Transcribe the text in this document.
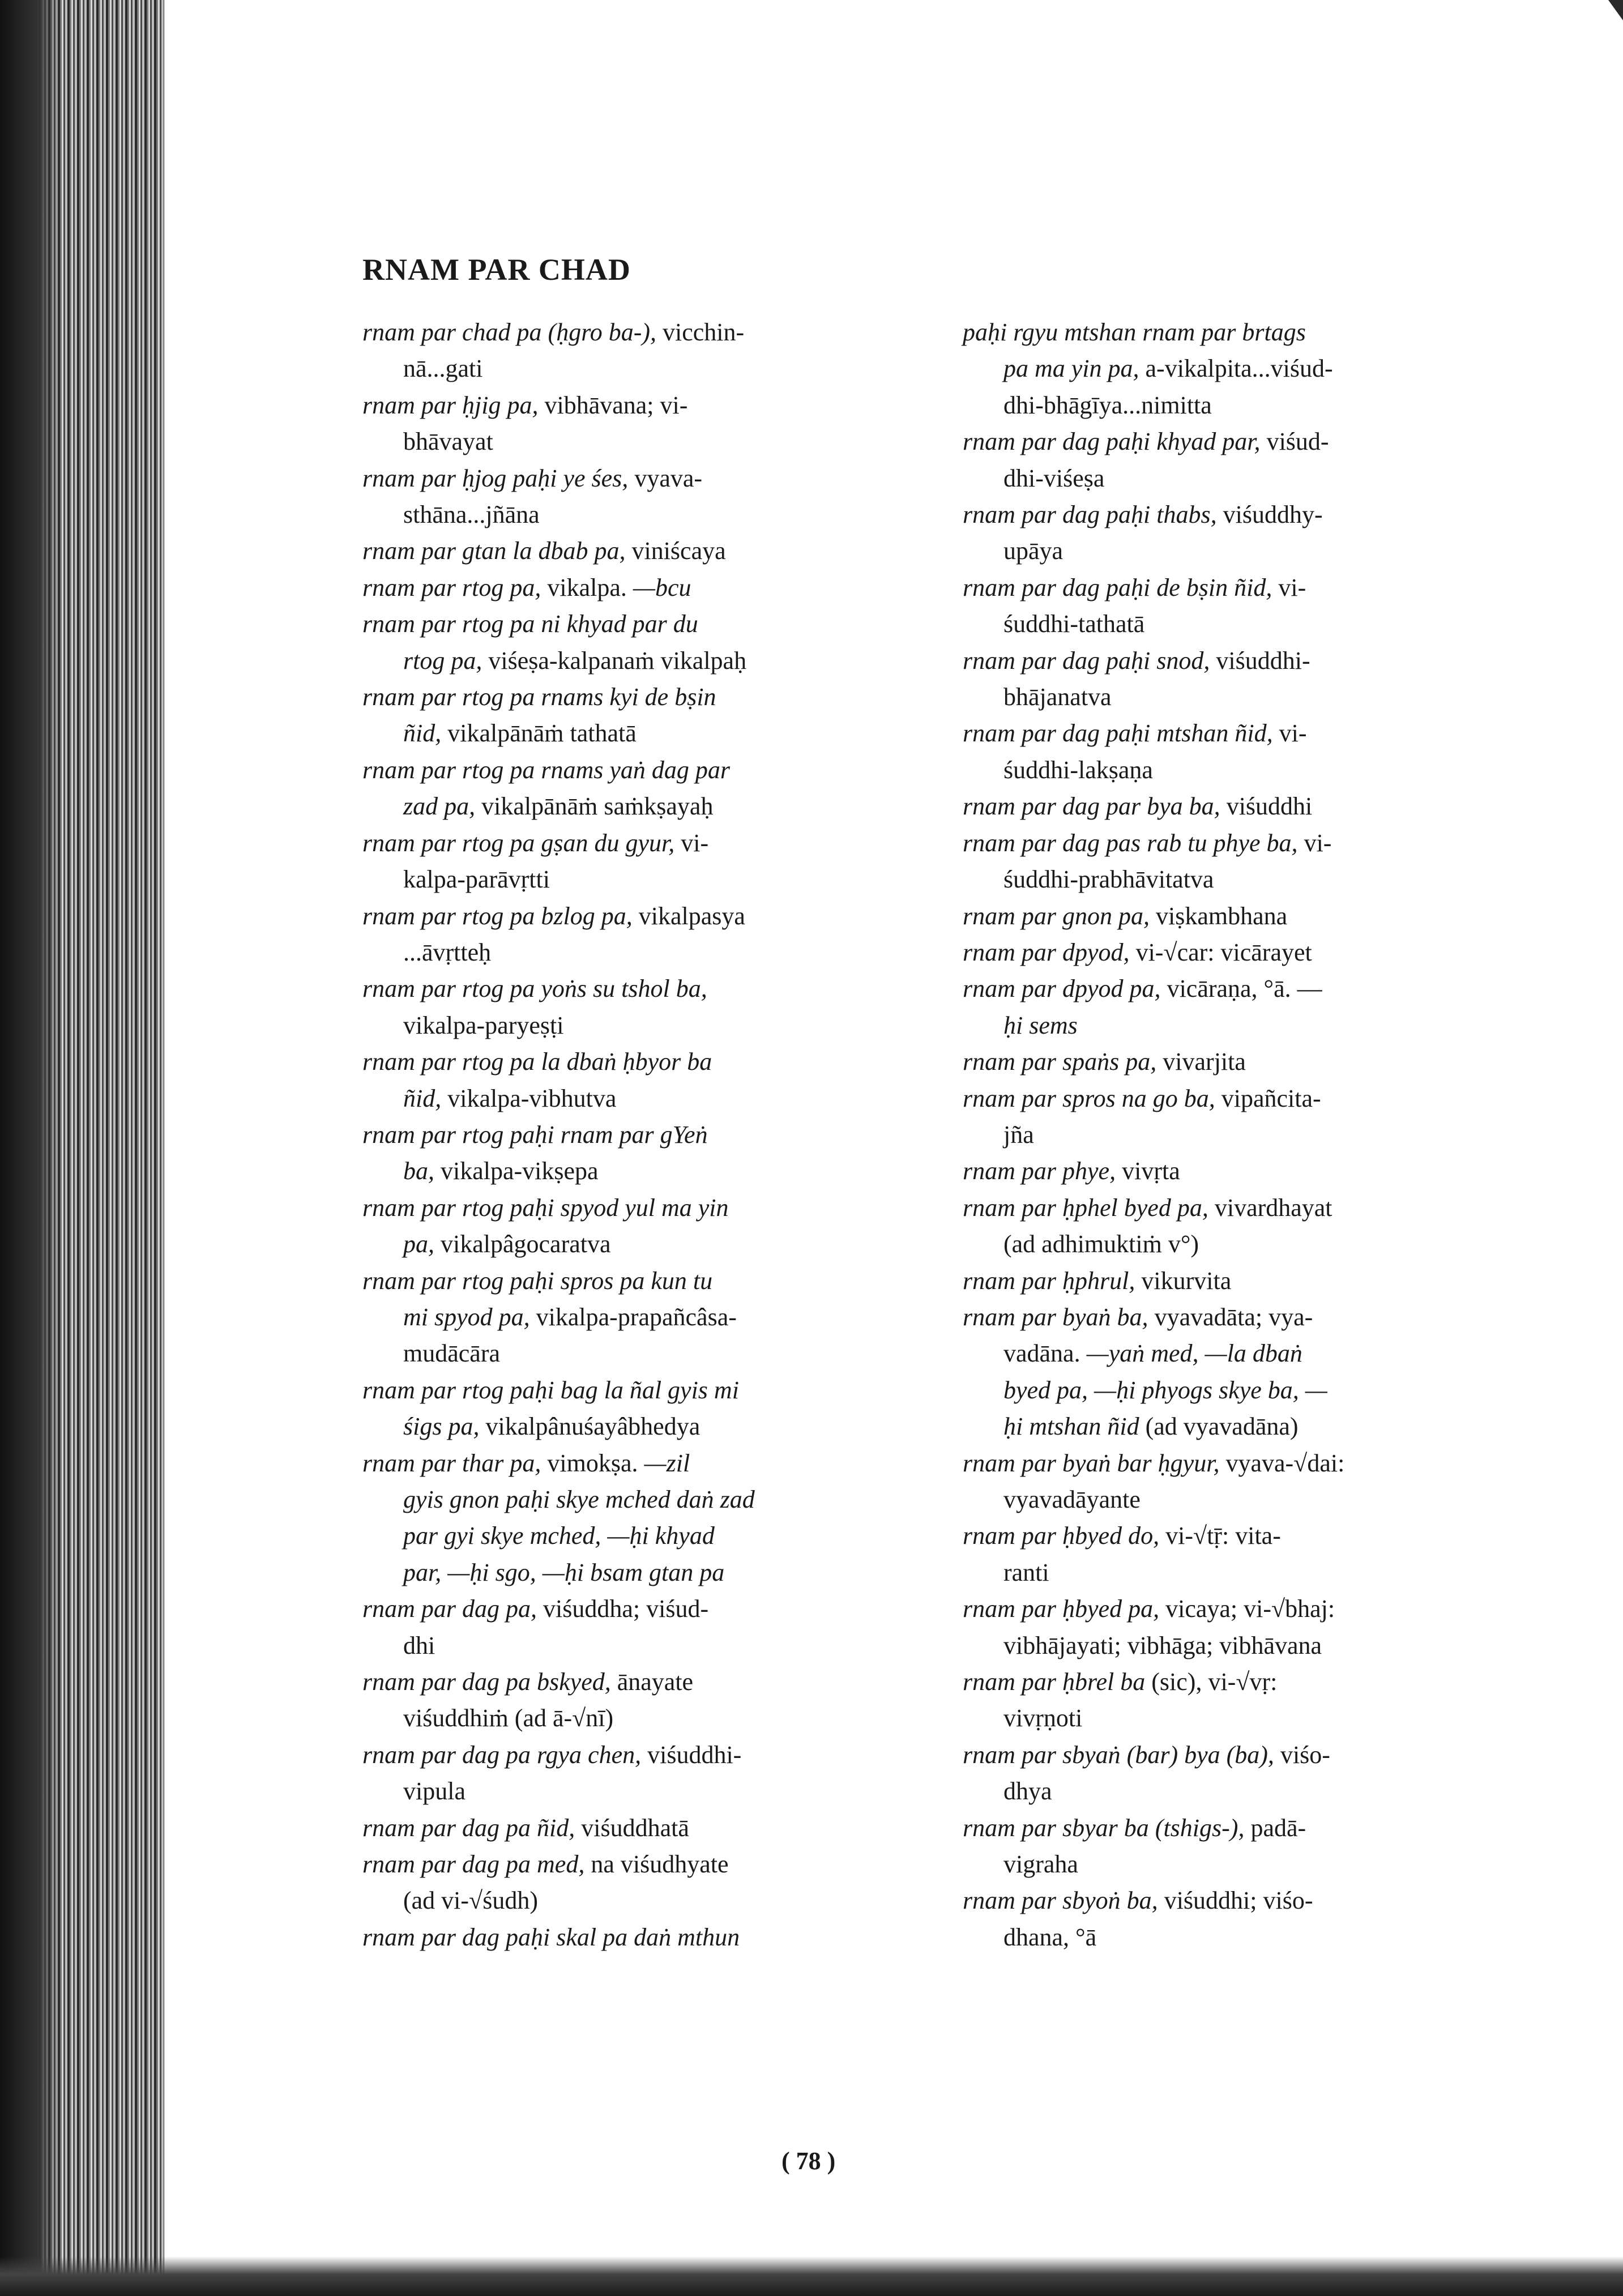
RNAM PAR CHAD
rnam par chad pa (ḥgro ba-), vicchin-
nā...gati
rnam par ḥjig pa, vibhāvana; vi-
bhāvayat
rnam par ḥjog paḥi ye śes, vyava-
sthāna...jñāna
rnam par gtan la dbab pa, viniścaya
rnam par rtog pa, vikalpa. —bcu
rnam par rtog pa ni khyad par du
rtog pa, viśeṣa-kalpanaṁ vikalpaḥ
rnam par rtog pa rnams kyi de bṣin
ñid, vikalpānāṁ tathatā
rnam par rtog pa rnams yaṅ dag par
zad pa, vikalpānāṁ saṁkṣayaḥ
rnam par rtog pa gṣan du gyur, vi-
kalpa-parāvṛtti
rnam par rtog pa bzlog pa, vikalpasya
...āvṛtteḥ
rnam par rtog pa yoṅs su tshol ba,
vikalpa-paryeṣṭi
rnam par rtog pa la dbaṅ ḥbyor ba
ñid, vikalpa-vibhutva
rnam par rtog paḥi rnam par gYeṅ
ba, vikalpa-vikṣepa
rnam par rtog paḥi spyod yul ma yin
pa, vikalpâgocaratva
rnam par rtog paḥi spros pa kun tu
mi spyod pa, vikalpa-prapañcâsa-
mudācāra
rnam par rtog paḥi bag la ñal gyis mi
śigs pa, vikalpânuśayâbhedya
rnam par thar pa, vimokṣa. —zil
gyis gnon paḥi skye mched daṅ zad
par gyi skye mched, —ḥi khyad
par, —ḥi sgo, —ḥi bsam gtan pa
rnam par dag pa, viśuddha; viśud-
dhi
rnam par dag pa bskyed, ānayate
viśuddhiṁ (ad ā-√nī)
rnam par dag pa rgya chen, viśuddhi-
vipula
rnam par dag pa ñid, viśuddhatā
rnam par dag pa med, na viśudhyate
(ad vi-√śudh)
rnam par dag paḥi skal pa daṅ mthun
paḥi rgyu mtshan rnam par brtags
pa ma yin pa, a-vikalpita...viśud-
dhi-bhāgīya...nimitta
rnam par dag paḥi khyad par, viśud-
dhi-viśeṣa
rnam par dag paḥi thabs, viśuddhy-
upāya
rnam par dag paḥi de bṣin ñid, vi-
śuddhi-tathatā
rnam par dag paḥi snod, viśuddhi-
bhājanatva
rnam par dag paḥi mtshan ñid, vi-
śuddhi-lakṣaṇa
rnam par dag par bya ba, viśuddhi
rnam par dag pas rab tu phye ba, vi-
śuddhi-prabhāvitatva
rnam par gnon pa, viṣkambhana
rnam par dpyod, vi-√car: vicārayet
rnam par dpyod pa, vicāraṇa, °ā. —
ḥi sems
rnam par spaṅs pa, vivarjita
rnam par spros na go ba, vipañcita-
jña
rnam par phye, vivṛta
rnam par ḥphel byed pa, vivardhayat
(ad adhimuktiṁ v°)
rnam par ḥphrul, vikurvita
rnam par byaṅ ba, vyavadāta; vya-
vadāna. —yaṅ med, —la dbaṅ
byed pa, —ḥi phyogs skye ba, —
ḥi mtshan ñid (ad vyavadāna)
rnam par byaṅ bar ḥgyur, vyava-√dai:
vyavadāyante
rnam par ḥbyed do, vi-√tṝ: vita-
ranti
rnam par ḥbyed pa, vicaya; vi-√bhaj:
vibhājayati; vibhāga; vibhāvana
rnam par ḥbrel ba (sic), vi-√vṛ:
vivṛṇoti
rnam par sbyaṅ (bar) bya (ba), viśo-
dhya
rnam par sbyar ba (tshigs-), padā-
vigraha
rnam par sbyoṅ ba, viśuddhi; viśo-
dhana, °ā
( 78 )
